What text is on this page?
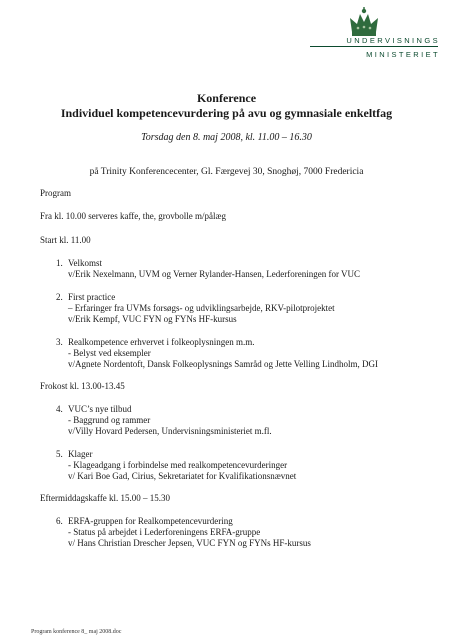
UNDERVISNINGS
MINISTERIET
Konference
Individuel kompetencevurdering på avu og gymnasiale enkeltfag
Torsdag den 8. maj 2008, kl. 11.00 – 16.30
på Trinity Konferencecenter, Gl. Færgevej 30, Snoghøj, 7000 Fredericia
Program
Fra kl. 10.00 serveres kaffe, the, grovbolle m/pålæg
Start kl. 11.00
1. Velkomst
v/Erik Nexelmann, UVM og Verner Rylander-Hansen, Lederforeningen for VUC
2. First practice
– Erfaringer fra UVMs forsøgs- og udviklingsarbejde, RKV-pilotprojektet
v/Erik Kempf, VUC FYN og FYNs HF-kursus
3. Realkompetence erhvervet i folkeoplysningen m.m.
- Belyst ved eksempler
v/Agnete Nordentoft, Dansk Folkeoplysnings Samråd og Jette Velling Lindholm, DGI
Frokost kl. 13.00-13.45
4. VUC’s nye tilbud
- Baggrund og rammer
v/Villy Hovard Pedersen, Undervisningsministeriet m.fl.
5. Klager
- Klageadgang i forbindelse med realkompetencevurderinger
v/ Kari Boe Gad, Cirius, Sekretariatet for Kvalifikationsnævnet
Eftermiddagskaffe kl. 15.00 – 15.30
6. ERFA-gruppen for Realkompetencevurdering
- Status på arbejdet i Lederforeningens ERFA-gruppe
v/ Hans Christian Drescher Jepsen, VUC FYN og FYNs HF-kursus
Program konference 8_ maj 2008.doc
